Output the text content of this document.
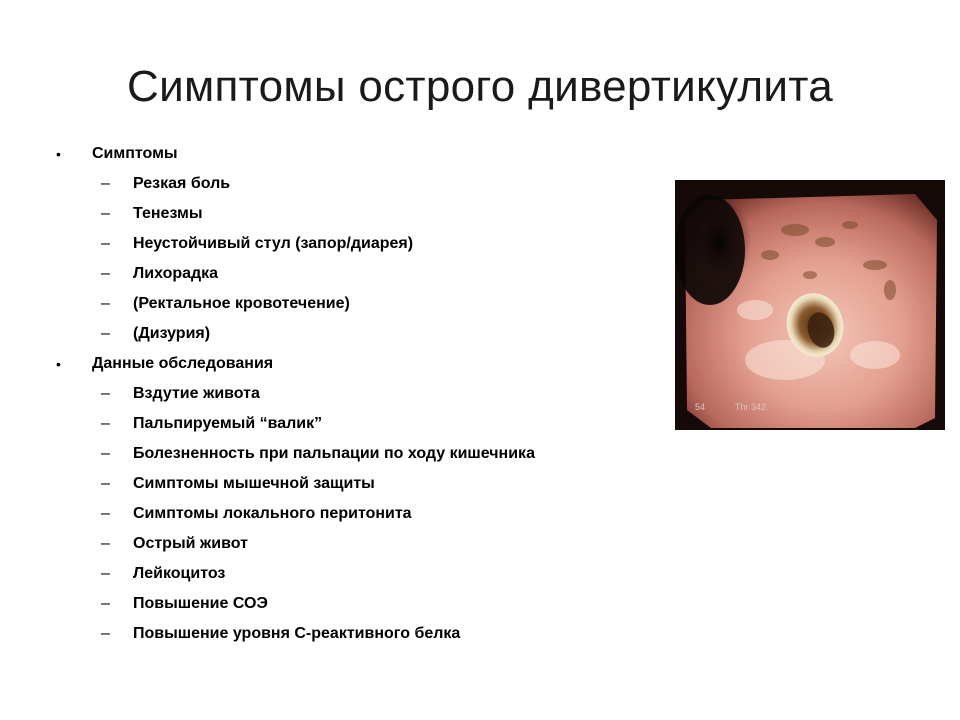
Симптомы острого дивертикулита
•	Симптомы
–	Резкая боль
–	Тенезмы
–	Неустойчивый стул (запор/диарея)
–	Лихорадка
–	(Ректальное кровотечение)
–	(Дизурия)
•	Данные обследования
–	Вздутие живота
–	Пальпируемый “валик”
–	Болезненность при пальпации по ходу кишечника
–	Симптомы мышечной защиты
–	Симптомы локального перитонита
–	Острый живот
–	Лейкоцитоз
–	Повышение СОЭ
–	Повышение уровня С-реактивного белка
54	Thr 342
